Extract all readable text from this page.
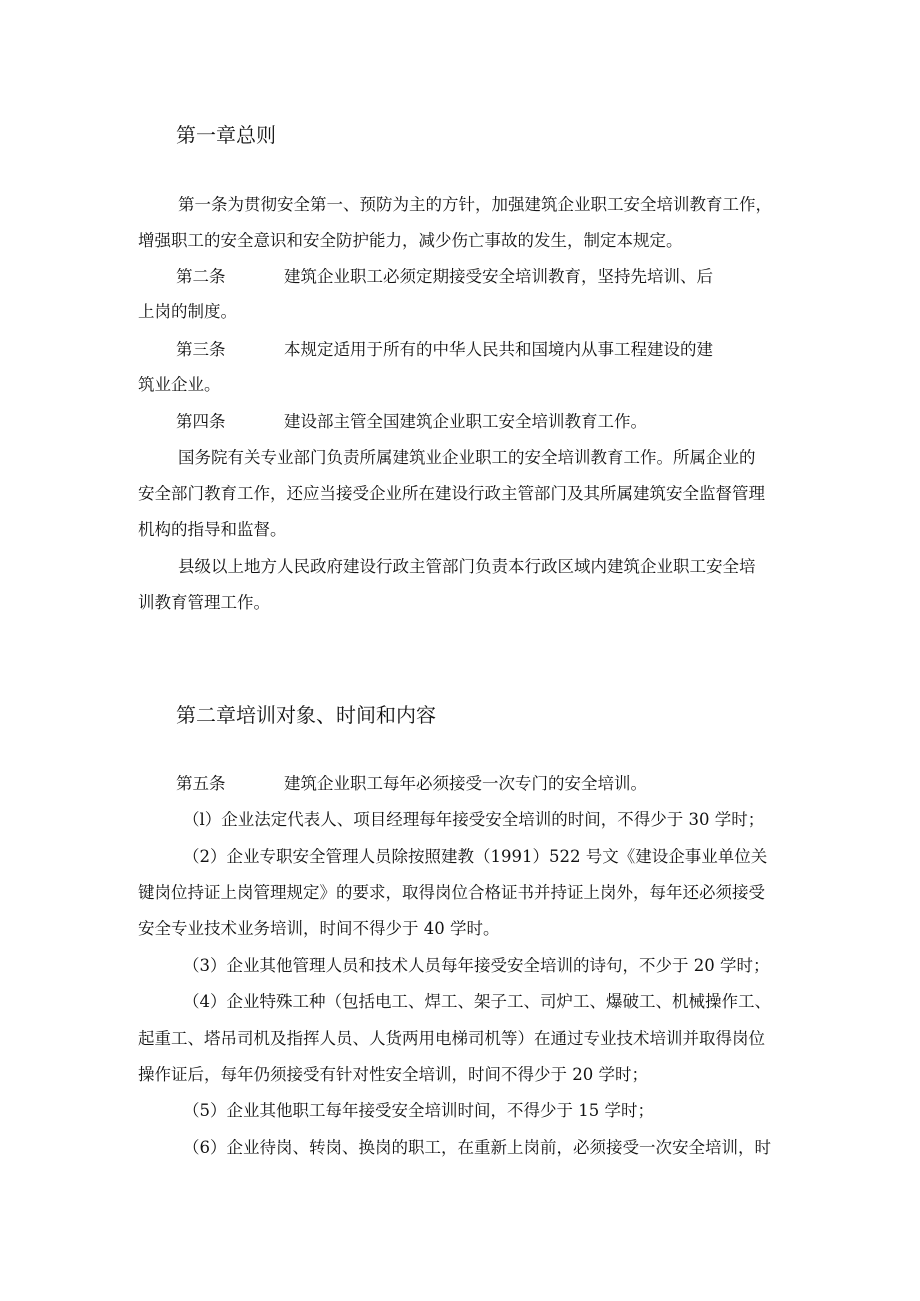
第一章总则
第一条为贯彻安全第一、预防为主的方针，加强建筑企业职工安全培训教育工作，
增强职工的安全意识和安全防护能力，减少伤亡事故的发生，制定本规定。
第二条	建筑企业职工必须定期接受安全培训教育，坚持先培训、后
上岗的制度。
第三条	本规定适用于所有的中华人民共和国境内从事工程建设的建
筑业企业。
第四条	建设部主管全国建筑企业职工安全培训教育工作。
国务院有关专业部门负责所属建筑业企业职工的安全培训教育工作。所属企业的
安全部门教育工作，还应当接受企业所在建设行政主管部门及其所属建筑安全监督管理
机构的指导和监督。
县级以上地方人民政府建设行政主管部门负责本行政区域内建筑企业职工安全培
训教育管理工作。
第二章培训对象、时间和内容
第五条	建筑企业职工每年必须接受一次专门的安全培训。
（l）企业法定代表人、项目经理每年接受安全培训的时间，不得少于 30 学时；
（2）企业专职安全管理人员除按照建教（1991）522 号文《建设企事业单位关
键岗位持证上岗管理规定》的要求，取得岗位合格证书并持证上岗外，每年还必须接受
安全专业技术业务培训，时间不得少于 40 学时。
（3）企业其他管理人员和技术人员每年接受安全培训的诗句，不少于 20 学时；
（4）企业特殊工种（包括电工、焊工、架子工、司炉工、爆破工、机械操作工、
起重工、塔吊司机及指挥人员、人货两用电梯司机等）在通过专业技术培训并取得岗位
操作证后，每年仍须接受有针对性安全培训，时间不得少于 20 学时；
（5）企业其他职工每年接受安全培训时间，不得少于 15 学时；
（6）企业待岗、转岗、换岗的职工，在重新上岗前，必须接受一次安全培训，时
